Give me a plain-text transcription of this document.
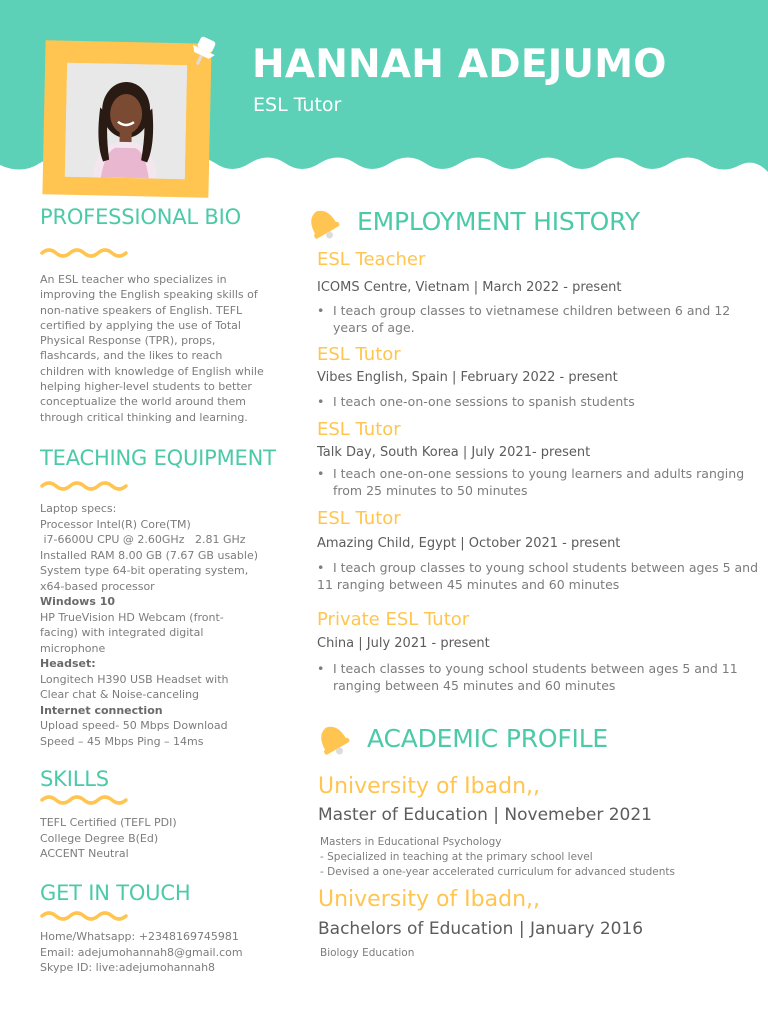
HANNAH ADEJUMO
ESL Tutor
PROFESSIONAL BIO
An ESL teacher who specializes in
improving the English speaking skills of
non-native speakers of English. TEFL
certified by applying the use of Total
Physical Response (TPR), props,
flashcards, and the likes to reach
children with knowledge of English while
helping higher-level students to better
conceptualize the world around them
through critical thinking and learning.
TEACHING EQUIPMENT
Laptop specs:
Processor Intel(R) Core(TM)
i7-6600U CPU @ 2.60GHz   2.81 GHz
Installed RAM 8.00 GB (7.67 GB usable)
System type 64-bit operating system,
x64-based processor
Windows 10
HP TrueVision HD Webcam (front-
facing) with integrated digital
microphone
Headset:
Longitech H390 USB Headset with
Clear chat & Noise-canceling
Internet connection
Upload speed- 50 Mbps Download
Speed – 45 Mbps Ping – 14ms
SKILLS
TEFL Certified (TEFL PDI)
College Degree B(Ed)
ACCENT Neutral
GET IN TOUCH
Home/Whatsapp: +2348169745981
Email: adejumohannah8@gmail.com
Skype ID: live:adejumohannah8
EMPLOYMENT HISTORY
ESL Teacher
ICOMS Centre, Vietnam | March 2022 - present
• I teach group classes to vietnamese children between 6 and 12 years of age.
ESL Tutor
Vibes English, Spain | February 2022 - present
• I teach one-on-one sessions to spanish students
ESL Tutor
Talk Day, South Korea | July 2021- present
• I teach one-on-one sessions to young learners and adults ranging from 25 minutes to 50 minutes
ESL Tutor
Amazing Child, Egypt | October 2021 - present
• I teach group classes to young school students between ages 5 and 11 ranging between 45 minutes and 60 minutes
Private ESL Tutor
China | July 2021 - present
• I teach classes to young school students between ages 5 and 11 ranging between 45 minutes and 60 minutes
ACADEMIC PROFILE
University of Ibadn,,
Master of Education | Novemeber 2021
Masters in Educational Psychology
- Specialized in teaching at the primary school level
- Devised a one-year accelerated curriculum for advanced students
University of Ibadn,,
Bachelors of Education | January 2016
Biology Education
